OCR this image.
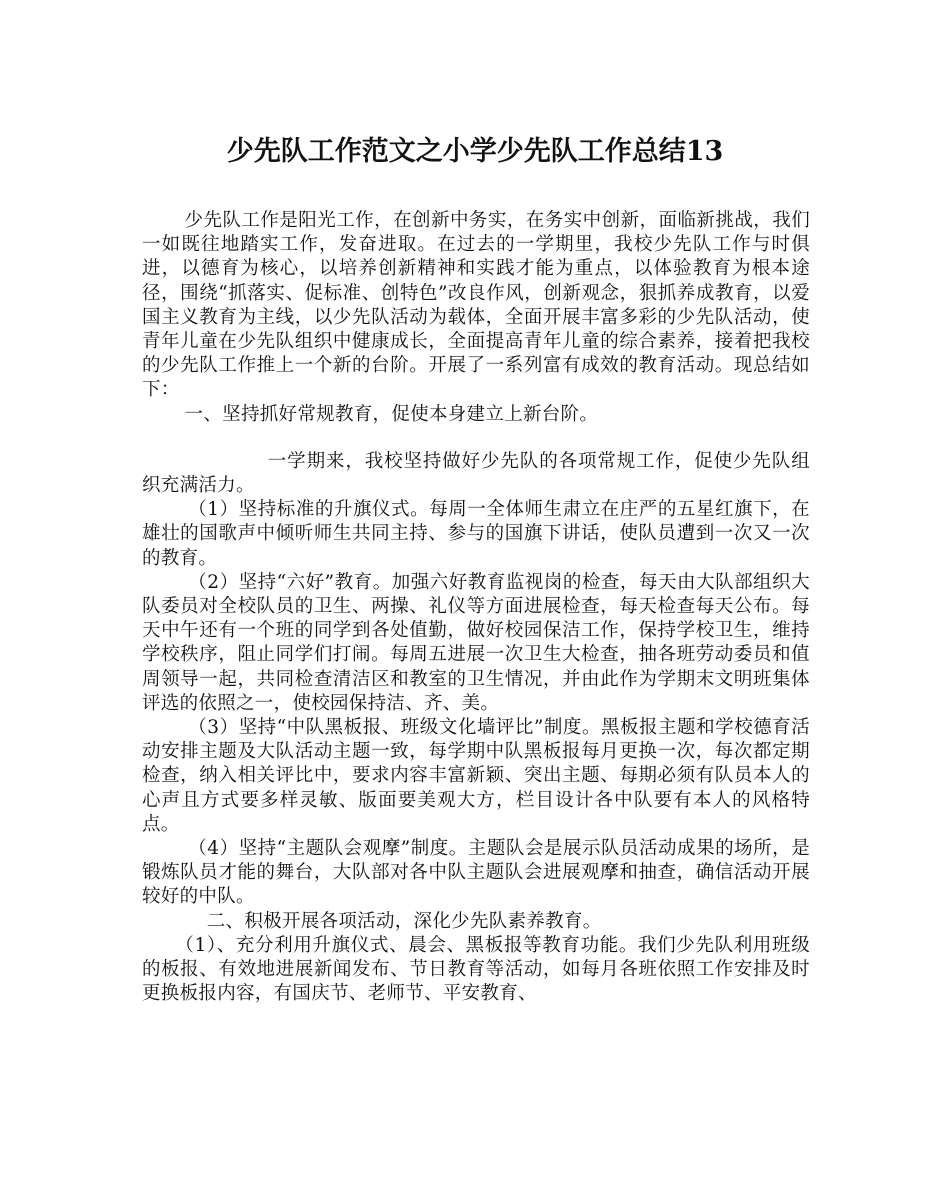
少先队工作范文之小学少先队工作总结13

少先队工作是阳光工作，在创新中务实，在务实中创新，面临新挑战，我们一如既往地踏实工作，发奋进取。在过去的一学期里，我校少先队工作与时俱进，以德育为核心，以培养创新精神和实践才能为重点，以体验教育为根本途径，围绕“抓落实、促标准、创特色”改良作风，创新观念，狠抓养成教育，以爱国主义教育为主线，以少先队活动为载体，全面开展丰富多彩的少先队活动，使青年儿童在少先队组织中健康成长，全面提高青年儿童的综合素养，接着把我校的少先队工作推上一个新的台阶。开展了一系列富有成效的教育活动。现总结如下：

一、坚持抓好常规教育，促使本身建立上新台阶。

一学期来，我校坚持做好少先队的各项常规工作，促使少先队组织充满活力。

（1）坚持标准的升旗仪式。每周一全体师生肃立在庄严的五星红旗下，在雄壮的国歌声中倾听师生共同主持、参与的国旗下讲话，使队员遭到一次又一次的教育。

（2）坚持“六好”教育。加强六好教育监视岗的检查，每天由大队部组织大队委员对全校队员的卫生、两操、礼仪等方面进展检查，每天检查每天公布。每天中午还有一个班的同学到各处值勤，做好校园保洁工作，保持学校卫生，维持学校秩序，阻止同学们打闹。每周五进展一次卫生大检查，抽各班劳动委员和值周领导一起，共同检查清洁区和教室的卫生情况，并由此作为学期末文明班集体评选的依照之一，使校园保持洁、齐、美。

（3）坚持“中队黑板报、班级文化墙评比”制度。黑板报主题和学校德育活动安排主题及大队活动主题一致，每学期中队黑板报每月更换一次，每次都定期检查，纳入相关评比中，要求内容丰富新颖、突出主题、每期必须有队员本人的心声且方式要多样灵敏、版面要美观大方，栏目设计各中队要有本人的风格特点。

（4）坚持“主题队会观摩”制度。主题队会是展示队员活动成果的场所，是锻炼队员才能的舞台，大队部对各中队主题队会进展观摩和抽查，确信活动开展较好的中队。

二、积极开展各项活动，深化少先队素养教育。

（1）、充分利用升旗仪式、晨会、黑板报等教育功能。我们少先队利用班级的板报、有效地进展新闻发布、节日教育等活动，如每月各班依照工作安排及时更换板报内容，有国庆节、老师节、平安教育、
